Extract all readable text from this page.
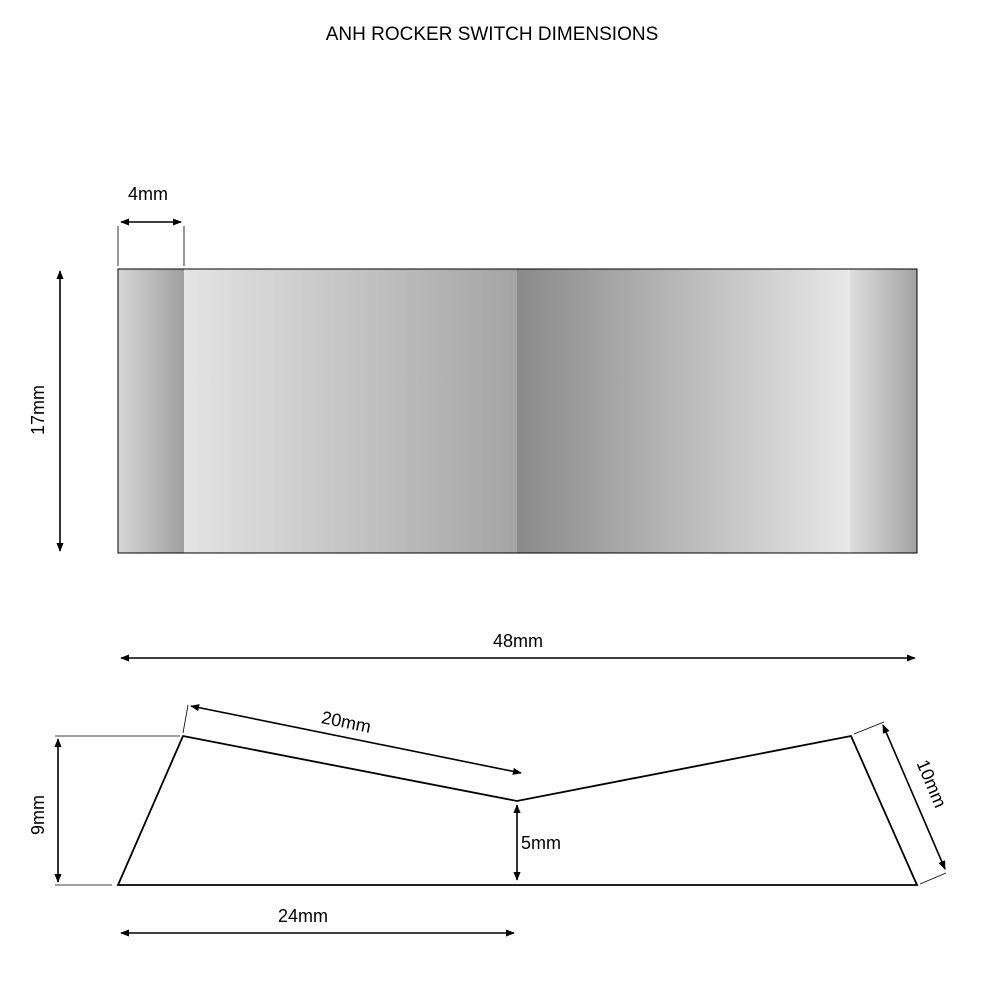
ANH ROCKER SWITCH DIMENSIONS
4mm
17mm
48mm
20mm
9mm
5mm
24mm
10mm
